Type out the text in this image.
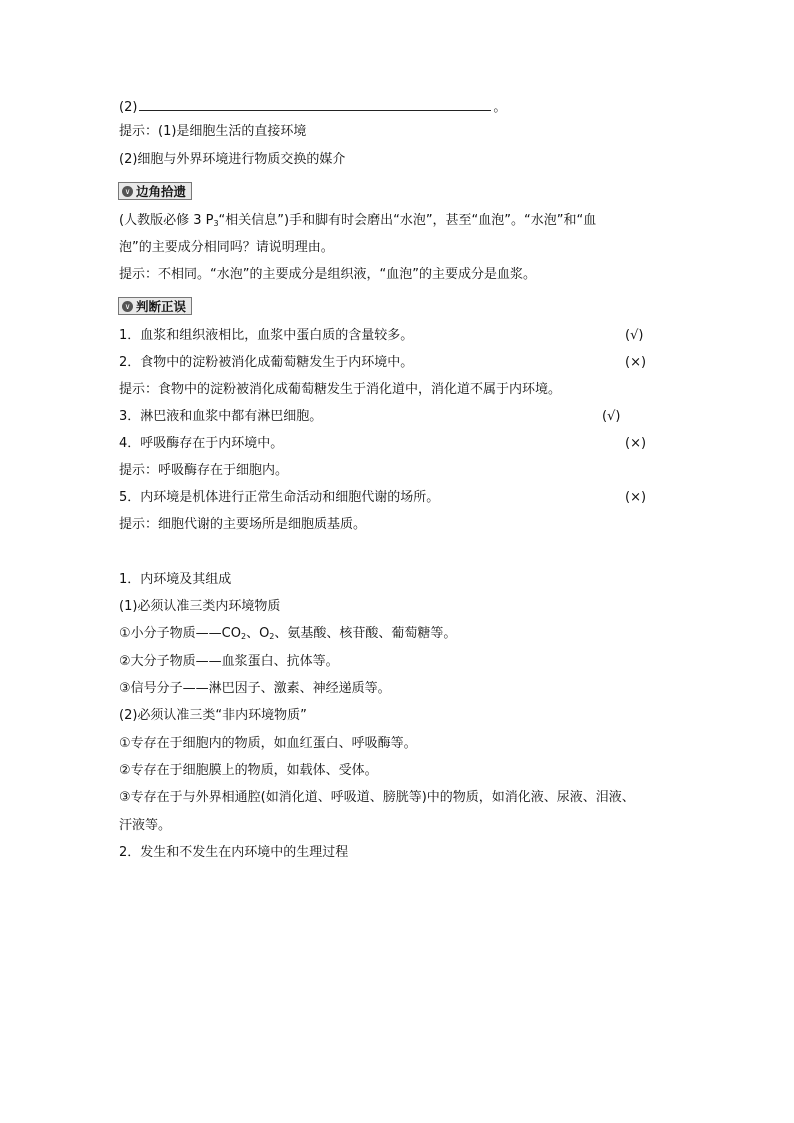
(2)	。
提示：(1)是细胞生活的直接环境
(2)细胞与外界环境进行物质交换的媒介
∨ 边角拾遗
(人教版必修 3 $P_3“$相关信息”)手和脚有时会磨出“水泡”，甚至“血泡”。“水泡”和“血
泡”的主要成分相同吗？请说明理由。
提示：不相同。“水泡”的主要成分是组织液，“血泡”的主要成分是血浆。
∨ 判断正误
1．血浆和组织液相比，血浆中蛋白质的含量较多。	(√)
2．食物中的淀粉被消化成葡萄糖发生于内环境中。	(×)
提示：食物中的淀粉被消化成葡萄糖发生于消化道中，消化道不属于内环境。
3．淋巴液和血浆中都有淋巴细胞。	(√)
4．呼吸酶存在于内环境中。	(×)
提示：呼吸酶存在于细胞内。
5．内环境是机体进行正常生命活动和细胞代谢的场所。	(×)
提示：细胞代谢的主要场所是细胞质基质。
1．内环境及其组成
(1)必须认准三类内环境物质
①小分子物质$——CO_2$、$O_2$、氨基酸、核苷酸、葡萄糖等。
②大分子物质——血浆蛋白、抗体等。
③信号分子——淋巴因子、激素、神经递质等。
(2)必须认准三类“非内环境物质”
①专存在于细胞内的物质，如血红蛋白、呼吸酶等。
②专存在于细胞膜上的物质，如载体、受体。
③专存在于与外界相通腔(如消化道、呼吸道、膀胱等)中的物质，如消化液、尿液、泪液、
汗液等。
2．发生和不发生在内环境中的生理过程
